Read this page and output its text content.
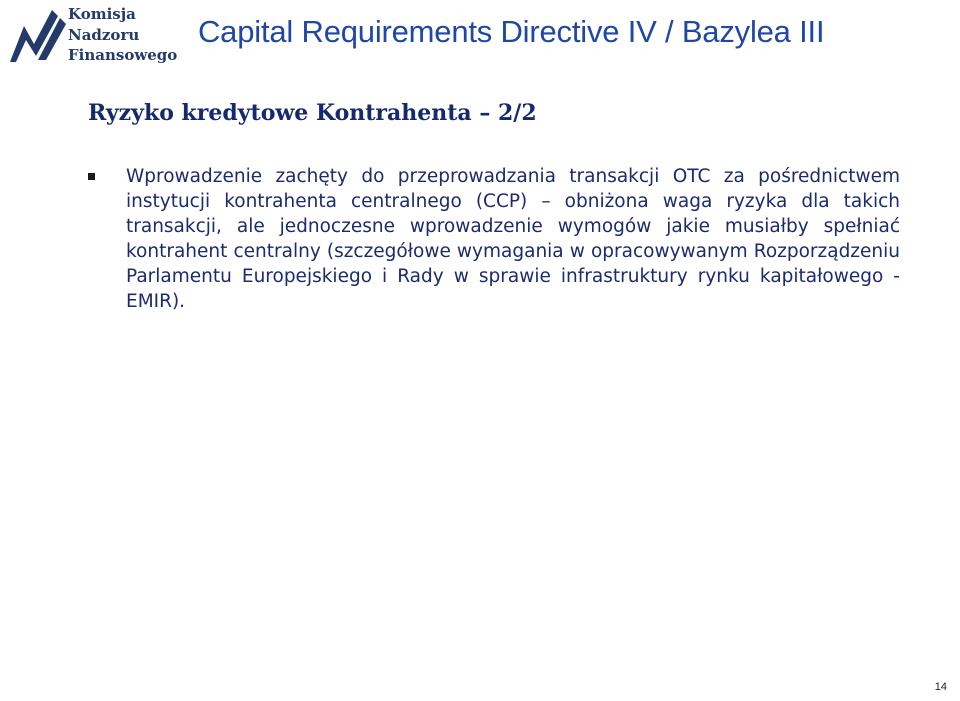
Komisja
Nadzoru
Finansowego
Capital Requirements Directive IV / Bazylea III
Ryzyko kredytowe Kontrahenta – 2/2

Wprowadzenie zachęty do przeprowadzania transakcji OTC za pośrednictwem instytucji kontrahenta centralnego (CCP) – obniżona waga ryzyka dla takich transakcji, ale jednoczesne wprowadzenie wymogów jakie musiałby spełniać kontrahent centralny (szczegółowe wymagania w opracowywanym Rozporządzeniu Parlamentu Europejskiego i Rady w sprawie infrastruktury rynku kapitałowego - EMIR).

14
